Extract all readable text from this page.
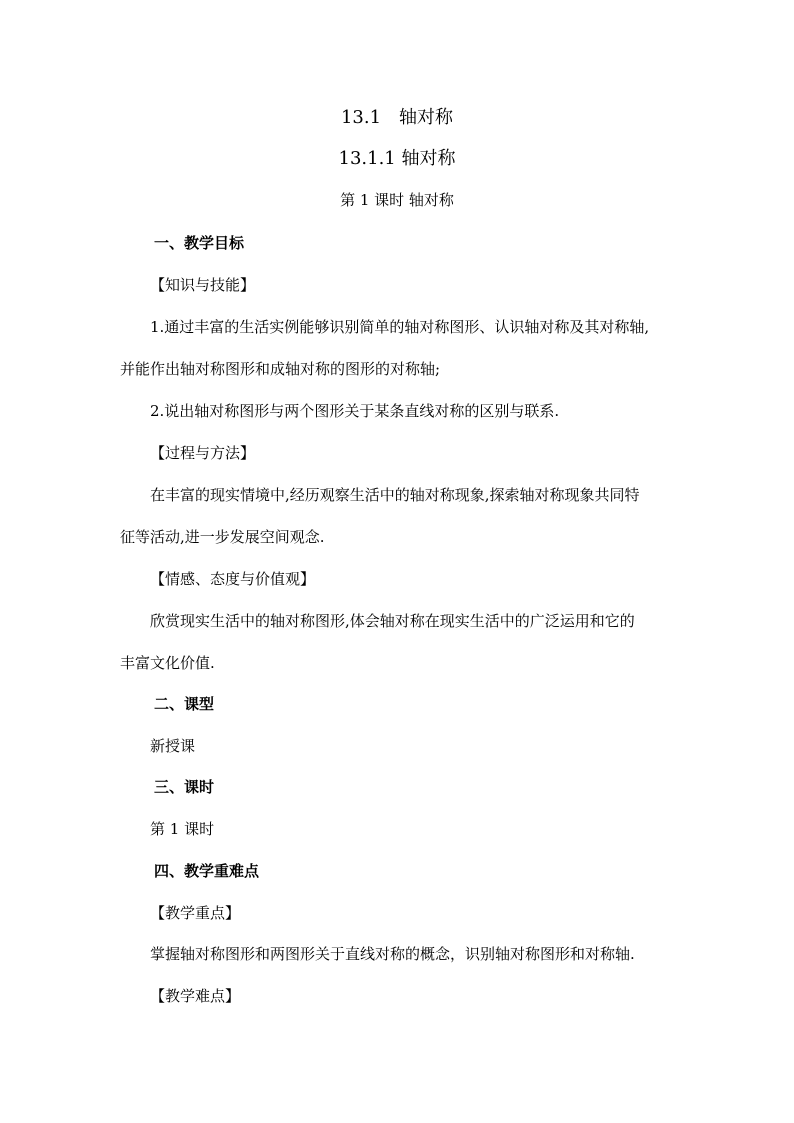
13.1　轴对称
13.1.1 轴对称
第 1 课时 轴对称
一、教学目标
【知识与技能】
1.通过丰富的生活实例能够识别简单的轴对称图形、认识轴对称及其对称轴,
并能作出轴对称图形和成轴对称的图形的对称轴;
2.说出轴对称图形与两个图形关于某条直线对称的区别与联系.
【过程与方法】
在丰富的现实情境中,经历观察生活中的轴对称现象,探索轴对称现象共同特
征等活动,进一步发展空间观念.
【情感、态度与价值观】
欣赏现实生活中的轴对称图形,体会轴对称在现实生活中的广泛运用和它的
丰富文化价值.
二、课型
新授课
三、课时
第 1 课时
四、教学重难点
【教学重点】
掌握轴对称图形和两图形关于直线对称的概念，识别轴对称图形和对称轴.
【教学难点】
